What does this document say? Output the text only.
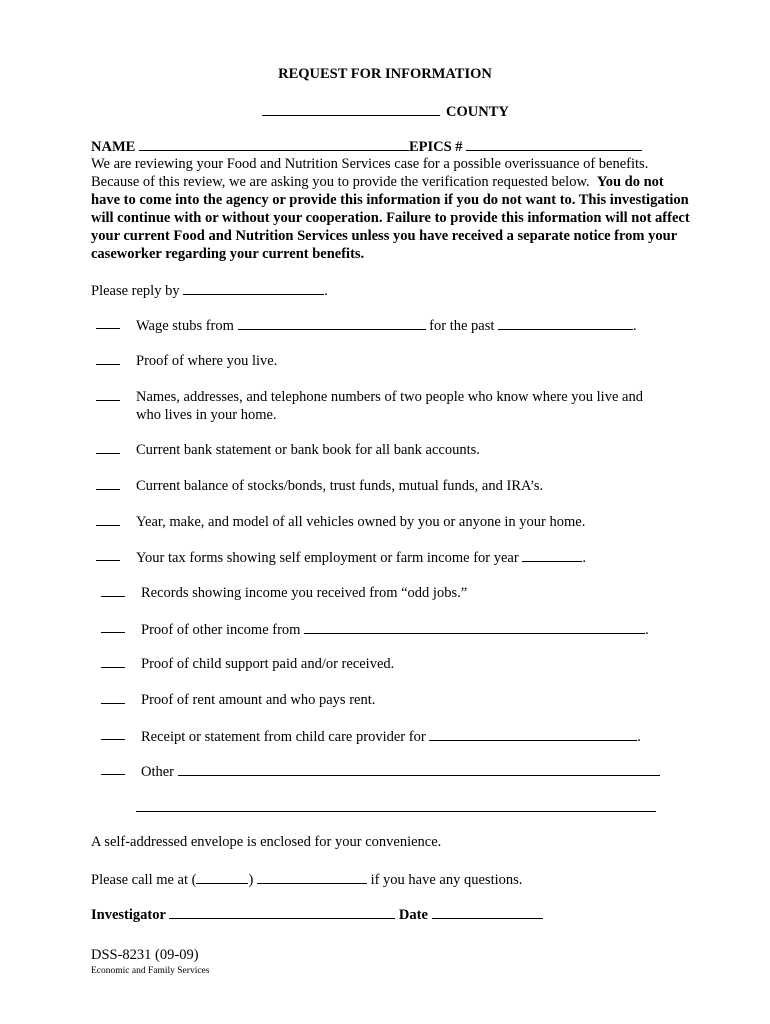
REQUEST FOR INFORMATION
COUNTY
NAME	EPICS #
We are reviewing your Food and Nutrition Services case for a possible overissuance of benefits. Because of this review, we are asking you to provide the verification requested below. You do not have to come into the agency or provide this information if you do not want to. This investigation will continue with or without your cooperation. Failure to provide this information will not affect your current Food and Nutrition Services unless you have received a separate notice from your caseworker regarding your current benefits.
Please reply by	.
Wage stubs from	for the past	.
Proof of where you live.
Names, addresses, and telephone numbers of two people who know where you live and who lives in your home.
Current bank statement or bank book for all bank accounts.
Current balance of stocks/bonds, trust funds, mutual funds, and IRA’s.
Year, make, and model of all vehicles owned by you or anyone in your home.
Your tax forms showing self employment or farm income for year	.
Records showing income you received from “odd jobs.”
Proof of other income from	.
Proof of child support paid and/or received.
Proof of rent amount and who pays rent.
Receipt or statement from child care provider for	.
Other
A self-addressed envelope is enclosed for your convenience.
Please call me at (	)	if you have any questions.
Investigator	Date
DSS-8231 (09-09)
Economic and Family Services
